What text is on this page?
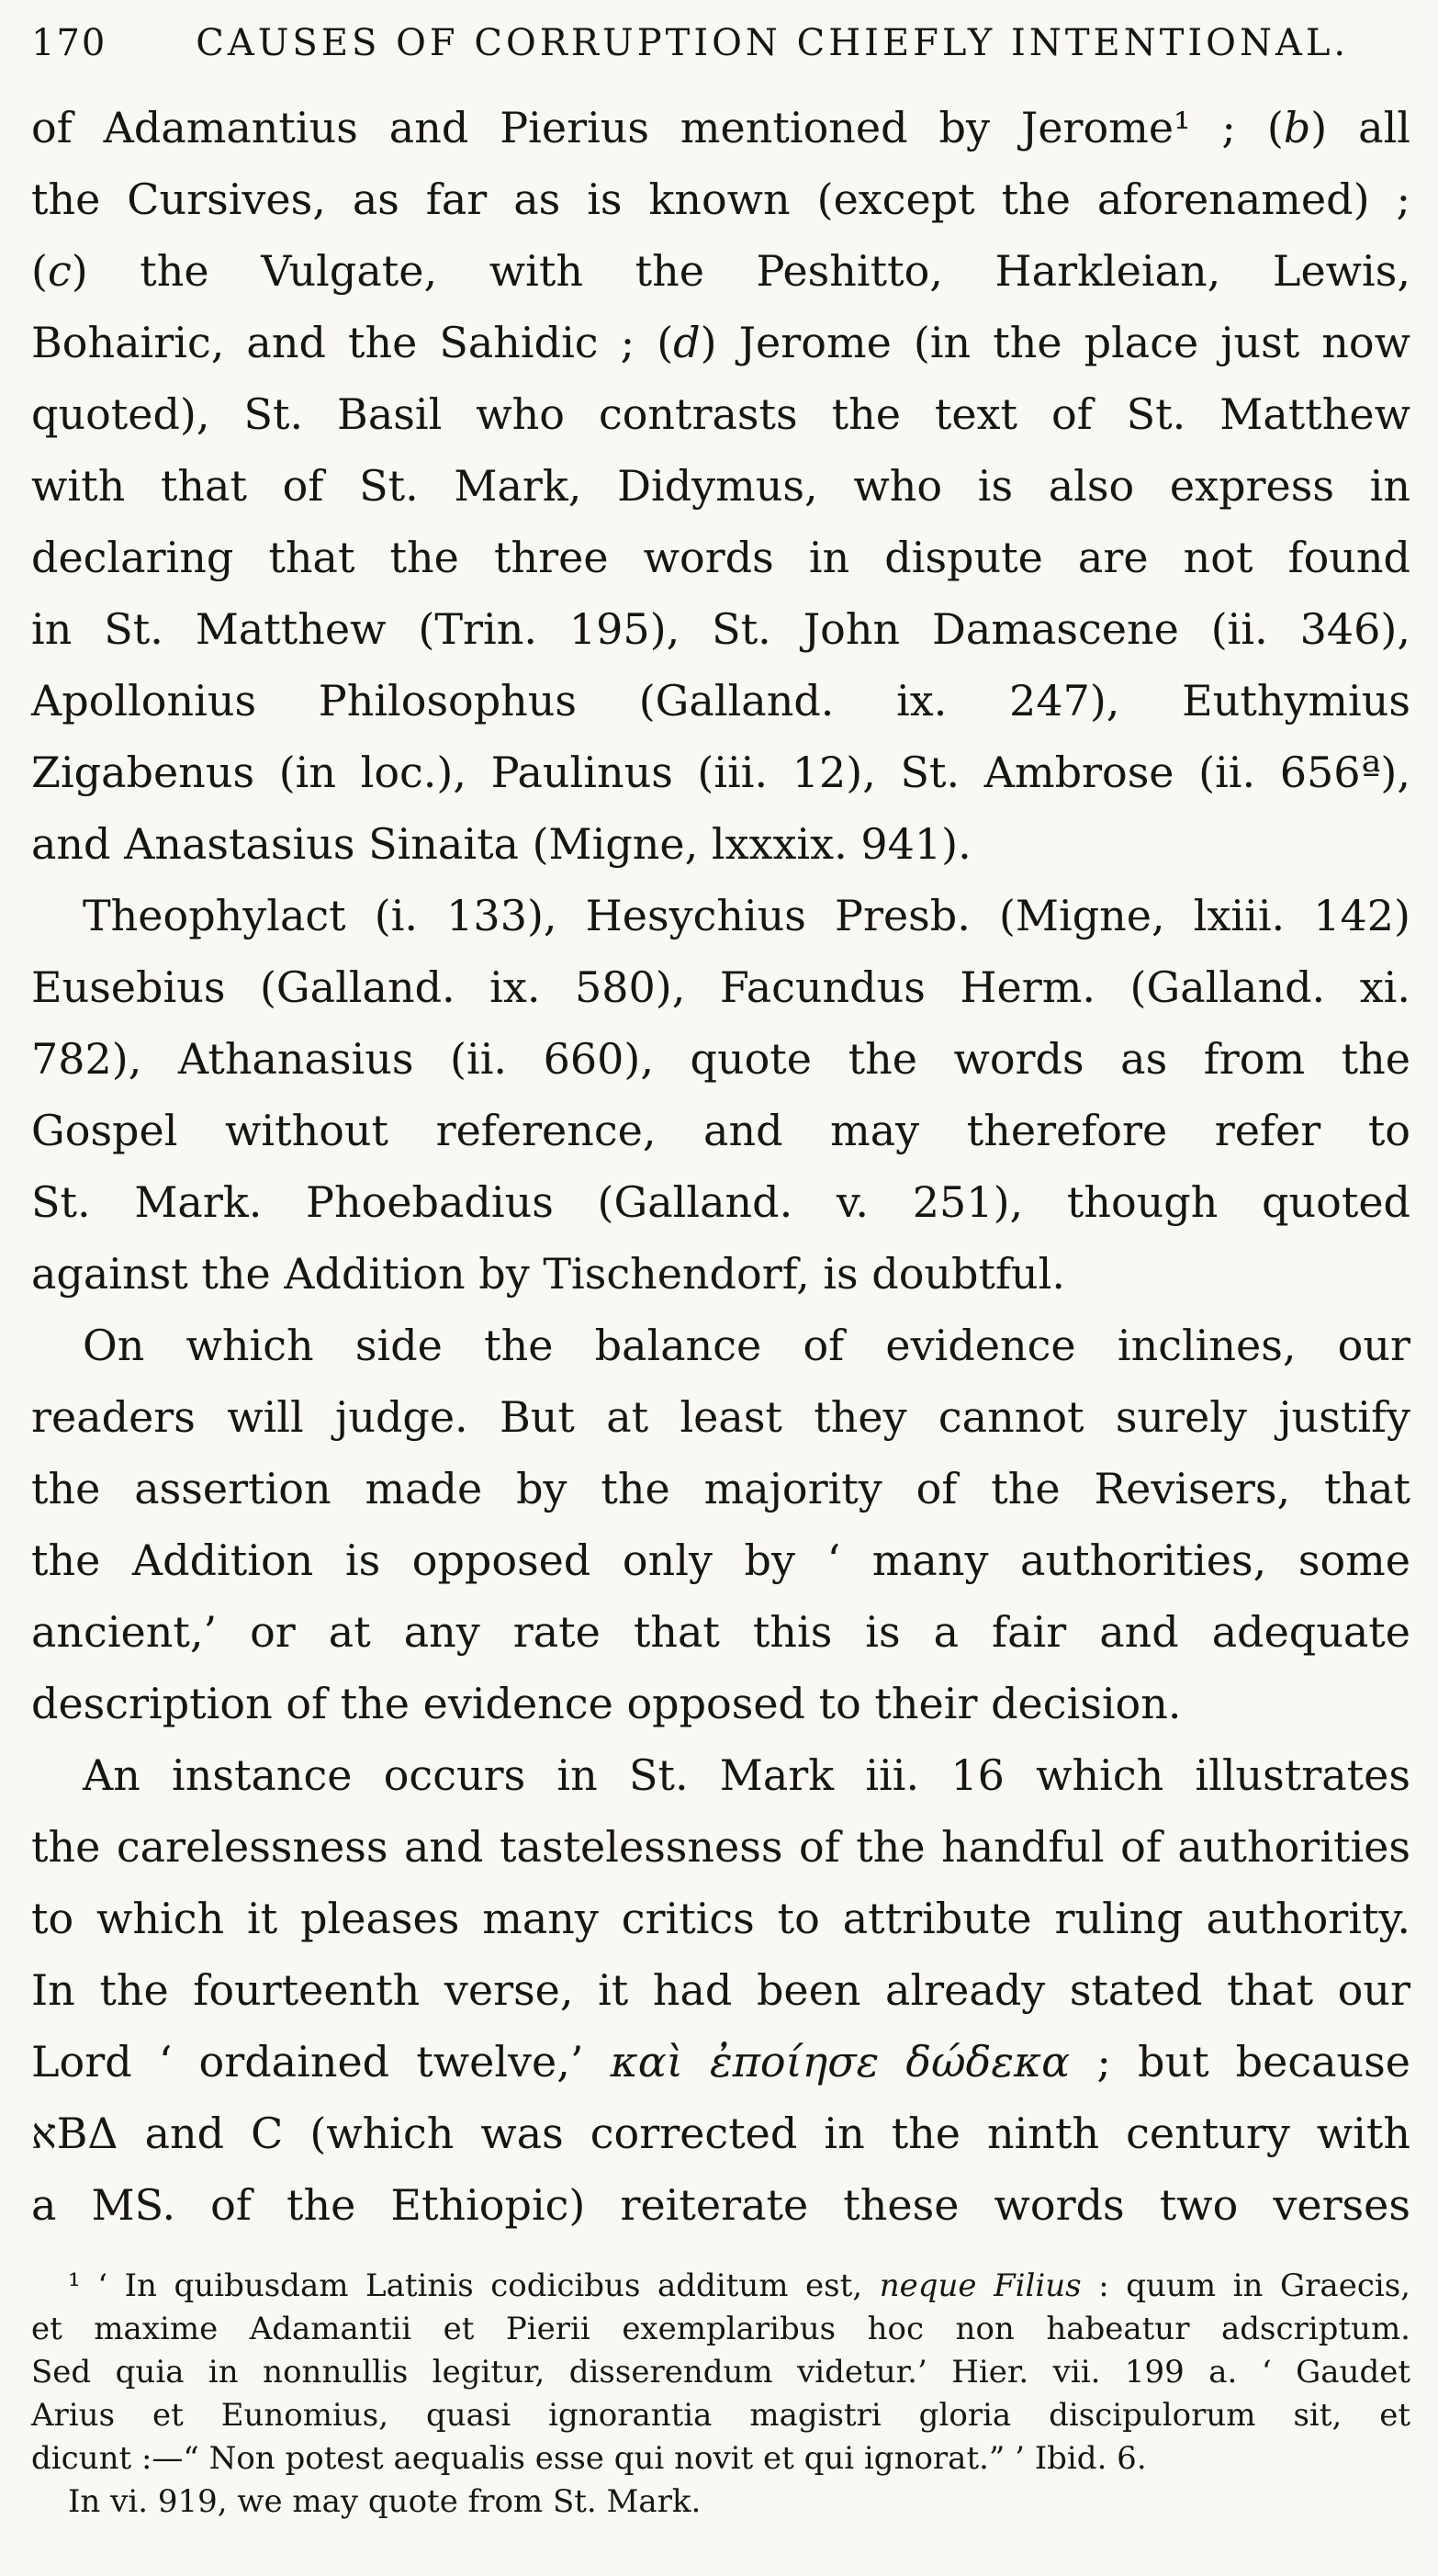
170	CAUSES OF CORRUPTION CHIEFLY INTENTIONAL.
of Adamantius and Pierius mentioned by Jerome¹ ; (b) all
the Cursives, as far as is known (except the aforenamed) ;
(c) the Vulgate, with the Peshitto, Harkleian, Lewis,
Bohairic, and the Sahidic ; (d) Jerome (in the place just now
quoted), St. Basil who contrasts the text of St. Matthew
with that of St. Mark, Didymus, who is also express in
declaring that the three words in dispute are not found
in St. Matthew (Trin. 195), St. John Damascene (ii. 346),
Apollonius Philosophus (Galland. ix. 247), Euthymius
Zigabenus (in loc.), Paulinus (iii. 12), St. Ambrose (ii. 656ª),
and Anastasius Sinaita (Migne, lxxxix. 941).
Theophylact (i. 133), Hesychius Presb. (Migne, lxiii. 142)
Eusebius (Galland. ix. 580), Facundus Herm. (Galland. xi.
782), Athanasius (ii. 660), quote the words as from the
Gospel without reference, and may therefore refer to
St. Mark. Phoebadius (Galland. v. 251), though quoted
against the Addition by Tischendorf, is doubtful.
On which side the balance of evidence inclines, our
readers will judge. But at least they cannot surely justify
the assertion made by the majority of the Revisers, that
the Addition is opposed only by ‘ many authorities, some
ancient,’ or at any rate that this is a fair and adequate
description of the evidence opposed to their decision.
An instance occurs in St. Mark iii. 16 which illustrates
the carelessness and tastelessness of the handful of authorities
to which it pleases many critics to attribute ruling authority.
In the fourteenth verse, it had been already stated that our
Lord ‘ ordained twelve,’ καὶ ἐποίησε δώδεκα ; but because
אBΔ and C (which was corrected in the ninth century with
a MS. of the Ethiopic) reiterate these words two verses
¹ ‘ In quibusdam Latinis codicibus additum est, neque Filius : quum in Graecis,
et maxime Adamantii et Pierii exemplaribus hoc non habeatur adscriptum.
Sed quia in nonnullis legitur, disserendum videtur.’ Hier. vii. 199 a. ‘ Gaudet
Arius et Eunomius, quasi ignorantia magistri gloria discipulorum sit, et
dicunt :—“ Non potest aequalis esse qui novit et qui ignorat.” ’ Ibid. 6.
In vi. 919, we may quote from St. Mark.
